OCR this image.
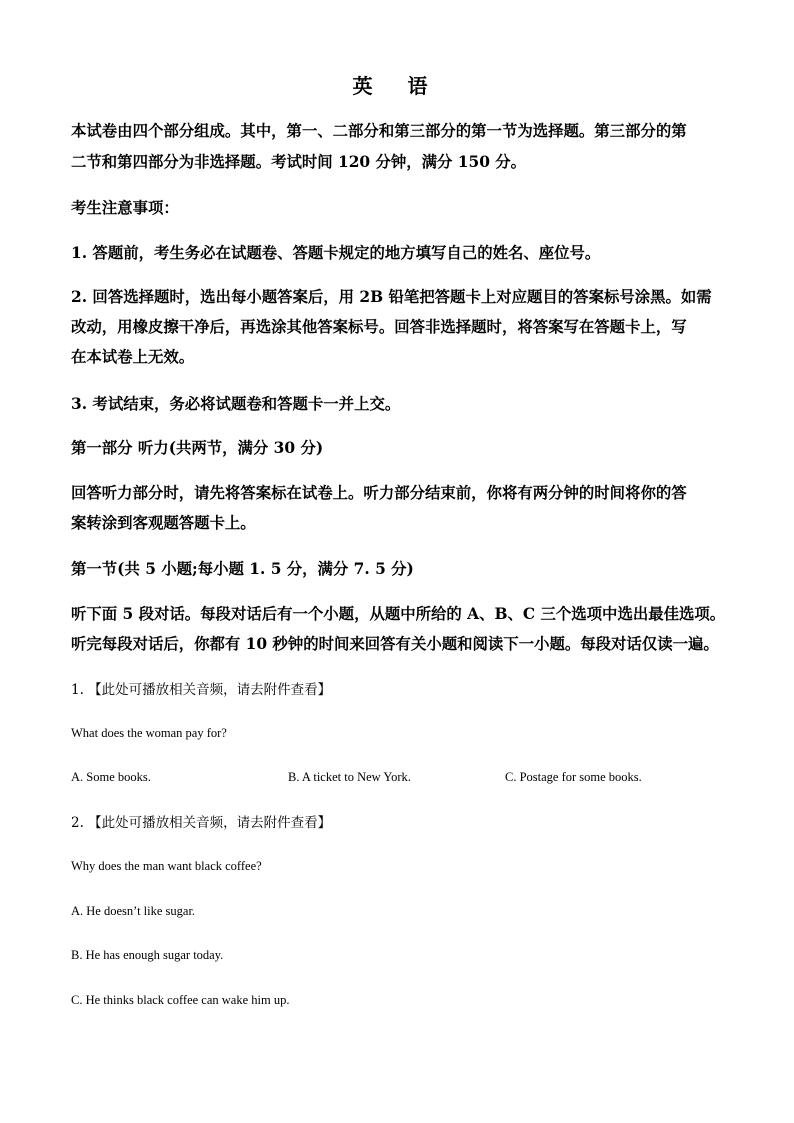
英 语
本试卷由四个部分组成。其中，第一、二部分和第三部分的第一节为选择题。第三部分的第
二节和第四部分为非选择题。考试时间 120 分钟，满分 150 分。
考生注意事项：
1. 答题前，考生务必在试题卷、答题卡规定的地方填写自己的姓名、座位号。
2. 回答选择题时，选出每小题答案后，用 2B 铅笔把答题卡上对应题目的答案标号涂黑。如需
改动，用橡皮擦干净后，再选涂其他答案标号。回答非选择题时，将答案写在答题卡上，写
在本试卷上无效。
3. 考试结束，务必将试题卷和答题卡一并上交。
第一部分 听力(共两节，满分 30 分)
回答听力部分时，请先将答案标在试卷上。听力部分结束前，你将有两分钟的时间将你的答
案转涂到客观题答题卡上。
第一节(共 5 小题;每小题 1. 5 分，满分 7. 5 分)
听下面 5 段对话。每段对话后有一个小题，从题中所给的 A、B、C 三个选项中选出最佳选项。
听完每段对话后，你都有 10 秒钟的时间来回答有关小题和阅读下一小题。每段对话仅读一遍。
1. 【此处可播放相关音频，请去附件查看】
What does the woman pay for?
A. Some books.	B. A ticket to New York.	C. Postage for some books.
2. 【此处可播放相关音频，请去附件查看】
Why does the man want black coffee?
A. He doesn’t like sugar.
B. He has enough sugar today.
C. He thinks black coffee can wake him up.
